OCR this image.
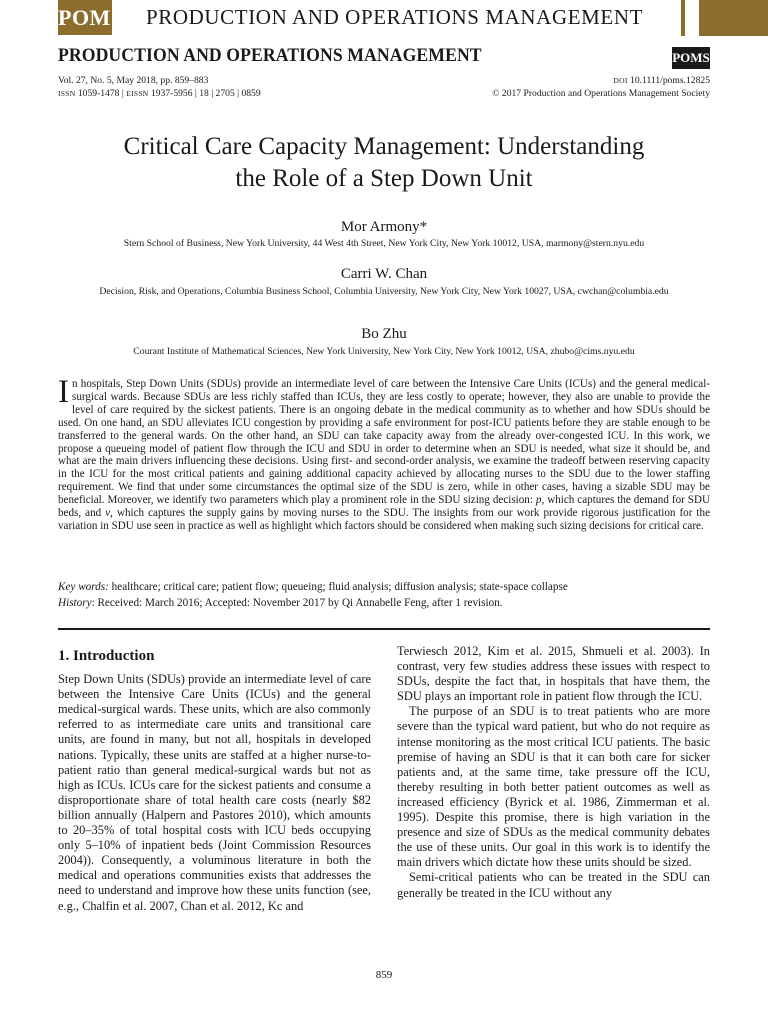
POMS PRODUCTION AND OPERATIONS MANAGEMENT
PRODUCTION AND OPERATIONS MANAGEMENT	POMS
Vol. 27, No. 5, May 2018, pp. 859–883
ISSN 1059-1478 | EISSN 1937-5956 | 18 | 2705 | 0859
DOI 10.1111/poms.12825
© 2017 Production and Operations Management Society
Critical Care Capacity Management: Understanding
the Role of a Step Down Unit
Mor Armony*
Stern School of Business, New York University, 44 West 4th Street, New York City, New York 10012, USA, marmony@stern.nyu.edu
Carri W. Chan
Decision, Risk, and Operations, Columbia Business School, Columbia University, New York City, New York 10027, USA, cwchan@columbia.edu
Bo Zhu
Courant Institute of Mathematical Sciences, New York University, New York City, New York 10012, USA, zhubo@cims.nyu.edu
In hospitals, Step Down Units (SDUs) provide an intermediate level of care between the Intensive Care Units (ICUs) and the general medical-surgical wards. Because SDUs are less richly staffed than ICUs, they are less costly to operate; however, they also are unable to provide the level of care required by the sickest patients. There is an ongoing debate in the medical community as to whether and how SDUs should be used. On one hand, an SDU alleviates ICU congestion by providing a safe environment for post-ICU patients before they are stable enough to be transferred to the general wards. On the other hand, an SDU can take capacity away from the already over-congested ICU. In this work, we propose a queueing model of patient flow through the ICU and SDU in order to determine when an SDU is needed, what size it should be, and what are the main drivers influencing these decisions. Using first- and second-order analysis, we examine the tradeoff between reserving capacity in the ICU for the most critical patients and gaining additional capacity achieved by allocating nurses to the SDU due to the lower staffing requirement. We find that under some circumstances the optimal size of the SDU is zero, while in other cases, having a sizable SDU may be beneficial. Moreover, we identify two parameters which play a prominent role in the SDU sizing decision: p, which captures the demand for SDU beds, and v, which captures the supply gains by moving nurses to the SDU. The insights from our work provide rigorous justification for the variation in SDU use seen in practice as well as highlight which factors should be considered when making such sizing decisions for critical care.
Key words: healthcare; critical care; patient flow; queueing; fluid analysis; diffusion analysis; state-space collapse
History: Received: March 2016; Accepted: November 2017 by Qi Annabelle Feng, after 1 revision.
1. Introduction

Step Down Units (SDUs) provide an intermediate level of care between the Intensive Care Units (ICUs) and the general medical-surgical wards. These units, which are also commonly referred to as intermediate care units and transitional care units, are found in many, but not all, hospitals in developed nations. Typically, these units are staffed at a higher nurse-to-patient ratio than general medical-surgical wards but not as high as ICUs. ICUs care for the sickest patients and consume a disproportionate share of total health care costs (nearly $82 billion annually (Halpern and Pastores 2010), which amounts to 20–35% of total hospital costs with ICU beds occupying only 5–10% of inpatient beds (Joint Commission Resources 2004)). Consequently, a voluminous literature in both the medical and operations communities exists that addresses the need to understand and improve how these units function (see, e.g., Chalfin et al. 2007, Chan et al. 2012, Kc and

Terwiesch 2012, Kim et al. 2015, Shmueli et al. 2003). In contrast, very few studies address these issues with respect to SDUs, despite the fact that, in hospitals that have them, the SDU plays an important role in patient flow through the ICU.

The purpose of an SDU is to treat patients who are more severe than the typical ward patient, but who do not require as intense monitoring as the most critical ICU patients. The basic premise of having an SDU is that it can both care for sicker patients and, at the same time, take pressure off the ICU, thereby resulting in both better patient outcomes as well as increased efficiency (Byrick et al. 1986, Zimmerman et al. 1995). Despite this promise, there is high variation in the presence and size of SDUs as the medical community debates the use of these units. Our goal in this work is to identify the main drivers which dictate how these units should be sized.

Semi-critical patients who can be treated in the SDU can generally be treated in the ICU without any

859
